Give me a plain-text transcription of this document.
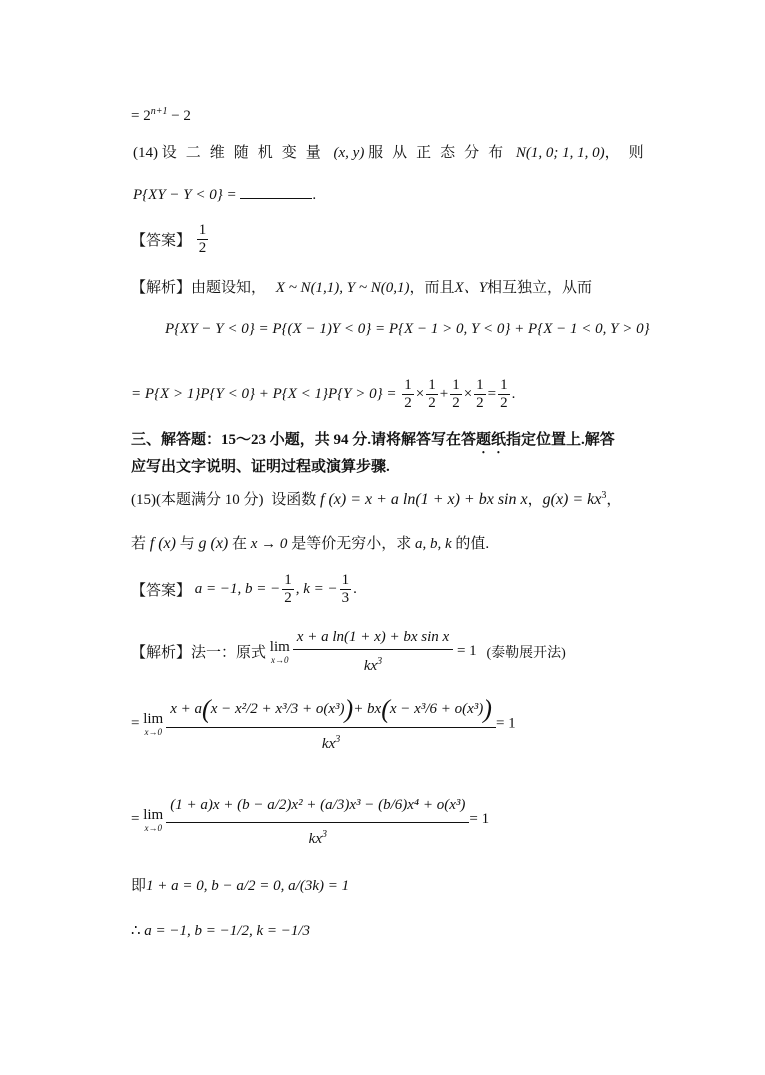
= $2^{n+1} - 2$
(14) 设二维随机变量 (x, y) 服从正态分布 N(1, 0; 1, 1, 0)，则
P{XY − Y < 0} =	.
【答案】 $\frac{1}{2}$
【解析】由题设知， X ~ N(1,1), Y ~ N(0,1)，而且X、Y相互独立，从而
P{XY − Y < 0} = P{(X − 1)Y < 0} = P{X − 1 > 0, Y < 0} + P{X − 1 < 0, Y > 0}
= $P\{X > 1\}P\{Y < 0\} + P\{X < 1\}P\{Y > 0\} = \frac{1}{2} \times \frac{1}{2} + \frac{1}{2} \times \frac{1}{2} = \frac{1}{2}$ .
三、解答题：15～23 小题，共 94 分.请将解答写在答题纸指定位置上.解答
应写出文字说明、证明过程或演算步骤.
(15)(本题满分 10 分) 设函数 f (x) = x + a ln(1 + x) + bx sin x，$g(x) = kx^3$，
若 f (x) 与 g (x) 在 x → 0 是等价无穷小，求 a, b, k 的值.
【答案】 a = −1, b = − $\frac{1}{2}$ , k = − $\frac{1}{3}$ .
【解析】法一：原式 lim
$x\to 0 \frac{\text{x + a ln(1 + x) + bx sin x}}{kx^3} = 1$ (泰勒展开法)
= lim
$x\to 0 \frac{\text{x + a(x − x²/2 + x³/3 + o(x³))+ bx(x − x³/6 + o(x³))}}{kx^3} = 1$
= lim
$x\to 0 \frac{\text{(1 + a)x + (b − a/2)x² + (a/3)x³ − (b/6)x⁴ + o(x³)}}{kx^3} = 1$
即1 + a = 0, b − a/2 = 0, a/(3k) = 1
∴ a = −1, b = −1/2, k = −1/3
